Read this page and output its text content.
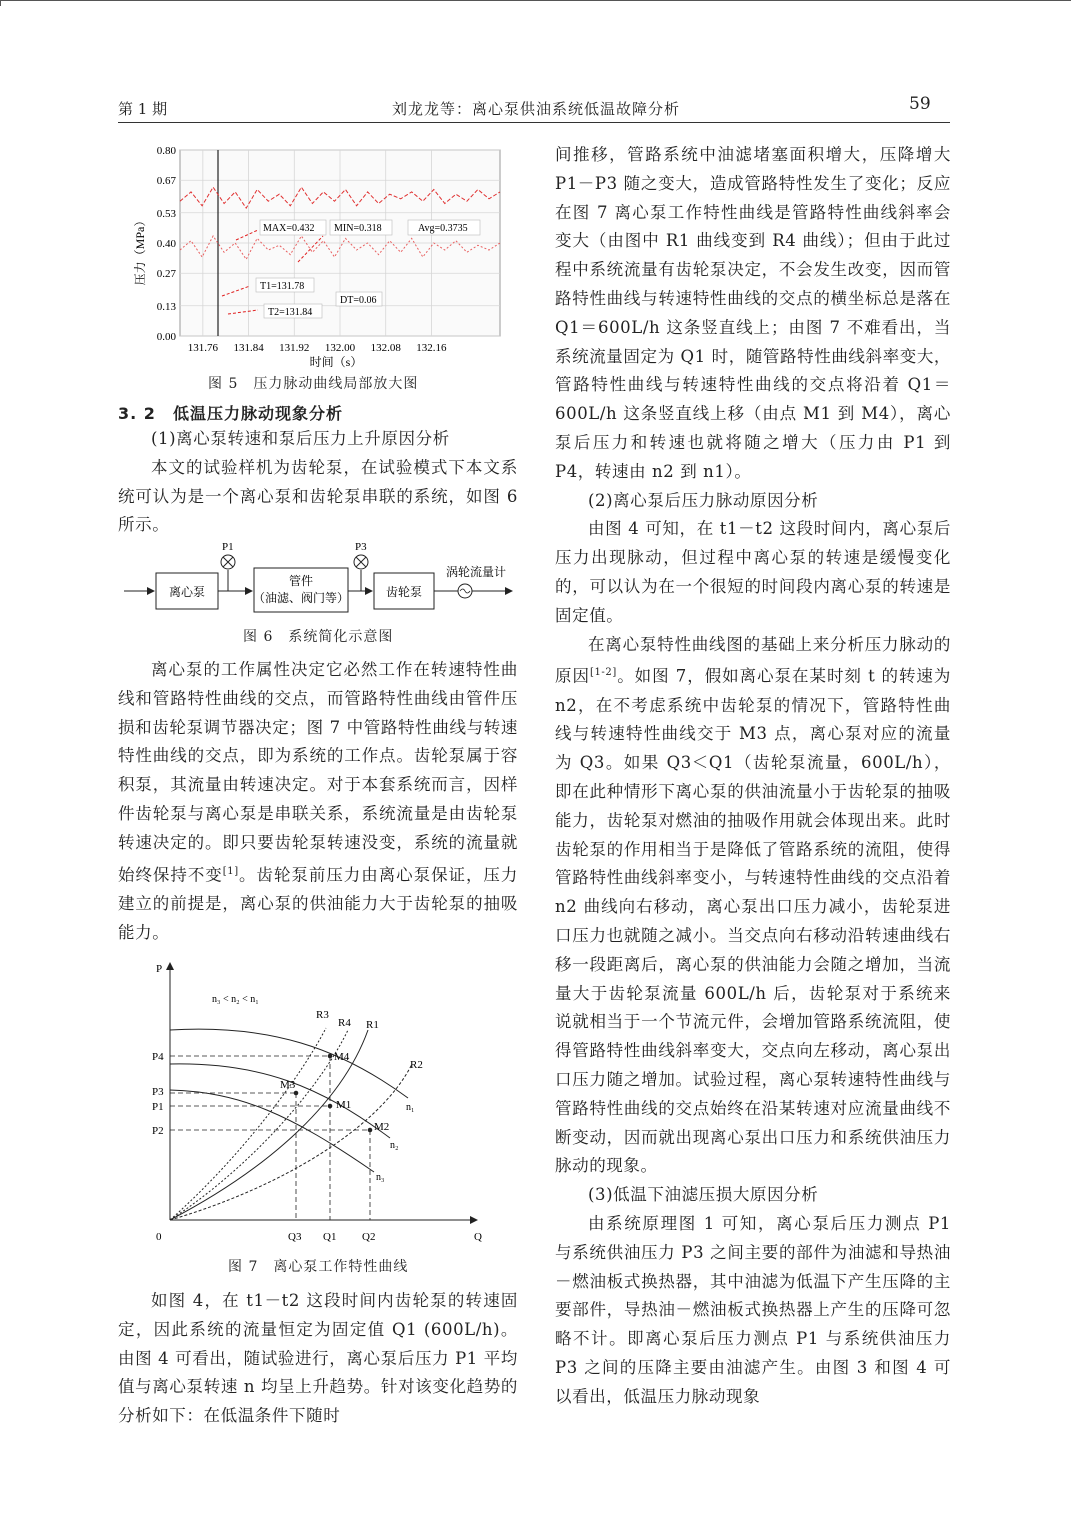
第 1 期	刘龙龙等：离心泵供油系统低温故障分析	59
0.80
0.67
0.53
0.40
0.27
0.13
0.00
131.76 131.84 131.92 132.00 132.08 132.16
压力（MPa）
时间（s）
MAX=0.432 MIN=0.318	Avg=0.3735
T1=131.78
DT=0.06
T2=131.84
图 5　压力脉动曲线局部放大图
3. 2　 低温压力脉动现象分析

(1)离心泵转速和泵后压力上升原因分析

本文的试验样机为齿轮泵，在试验模式下本文系统可认为是一个离心泵和齿轮泵串联的系统，如图 6 所示。

离心泵
管件
（油滤、阀门等）	齿轮泵
涡轮流量计
P1	P3
图 6　系统简化示意图

离心泵的工作属性决定它必然工作在转速特性曲线和管路特性曲线的交点，而管路特性曲线由管件压损和齿轮泵调节器决定；图 7 中管路特性曲线与转速特性曲线的交点，即为系统的工作点。齿轮泵属于容积泵，其流量由转速决定。对于本套系统而言，因样件齿轮泵与离心泵是串联关系，系统流量是由齿轮泵转速决定的。即只要齿轮泵转速没变，系统的流量就始终保持不变[1]。齿轮泵前压力由离心泵保证，压力建立的前提是，离心泵的供油能力大于齿轮泵的抽吸能力。

P
Q
0
n₃ < n₂ < n₁
M4
M3
M1
M2
R3
R4 R1
R2
n₁
n₂
n₃
P4
P3
P1
P2
Q3 Q1 Q2
图 7　离心泵工作特性曲线

如图 4，在 t1－t2 这段时间内齿轮泵的转速固定，因此系统的流量恒定为固定值 Q1 (600L/h)。由图 4 可看出，随试验进行，离心泵后压力 P1 平均值与离心泵转速 n 均呈上升趋势。针对该变化趋势的分析如下：在低温条件下随时

间推移，管路系统中油滤堵塞面积增大，压降增大 P1－P3 随之变大，造成管路特性发生了变化；反应在图 7 离心泵工作特性曲线是管路特性曲线斜率会变大（由图中 R1 曲线变到 R4 曲线）；但由于此过程中系统流量有齿轮泵决定，不会发生改变，因而管路特性曲线与转速特性曲线的交点的横坐标总是落在 Q1＝600L/h 这条竖直线上；由图 7 不难看出，当系统流量固定为 Q1 时，随管路特性曲线斜率变大，管路特性曲线与转速特性曲线的交点将沿着 Q1＝600L/h 这条竖直线上移（由点 M1 到 M4），离心泵后压力和转速也就将随之增大（压力由 P1 到 P4，转速由 n2 到 n1）。

(2)离心泵后压力脉动原因分析

由图 4 可知，在 t1－t2 这段时间内，离心泵后压力出现脉动，但过程中离心泵的转速是缓慢变化的，可以认为在一个很短的时间段内离心泵的转速是固定值。

在离心泵特性曲线图的基础上来分析压力脉动的原因[1-2]。如图 7，假如离心泵在某时刻 t 的转速为 n2，在不考虑系统中齿轮泵的情况下，管路特性曲线与转速特性曲线交于 M3 点，离心泵对应的流量为 Q3。如果 Q3＜Q1（齿轮泵流量，600L/h），即在此种情形下离心泵的供油流量小于齿轮泵的抽吸能力，齿轮泵对燃油的抽吸作用就会体现出来。此时齿轮泵的作用相当于是降低了管路系统的流阻，使得管路特性曲线斜率变小，与转速特性曲线的交点沿着 n2 曲线向右移动，离心泵出口压力减小，齿轮泵进口压力也就随之减小。当交点向右移动沿转速曲线右移一段距离后，离心泵的供油能力会随之增加，当流量大于齿轮泵流量 600L/h 后，齿轮泵对于系统来说就相当于一个节流元件，会增加管路系统流阻，使得管路特性曲线斜率变大，交点向左移动，离心泵出口压力随之增加。试验过程，离心泵转速特性曲线与管路特性曲线的交点始终在沿某转速对应流量曲线不断变动，因而就出现离心泵出口压力和系统供油压力脉动的现象。

(3)低温下油滤压损大原因分析

由系统原理图 1 可知，离心泵后压力测点 P1 与系统供油压力 P3 之间主要的部件为油滤和导热油－燃油板式换热器，其中油滤为低温下产生压降的主要部件，导热油－燃油板式换热器上产生的压降可忽略不计。即离心泵后压力测点 P1 与系统供油压力 P3 之间的压降主要由油滤产生。由图 3 和图 4 可以看出，低温压力脉动现象
